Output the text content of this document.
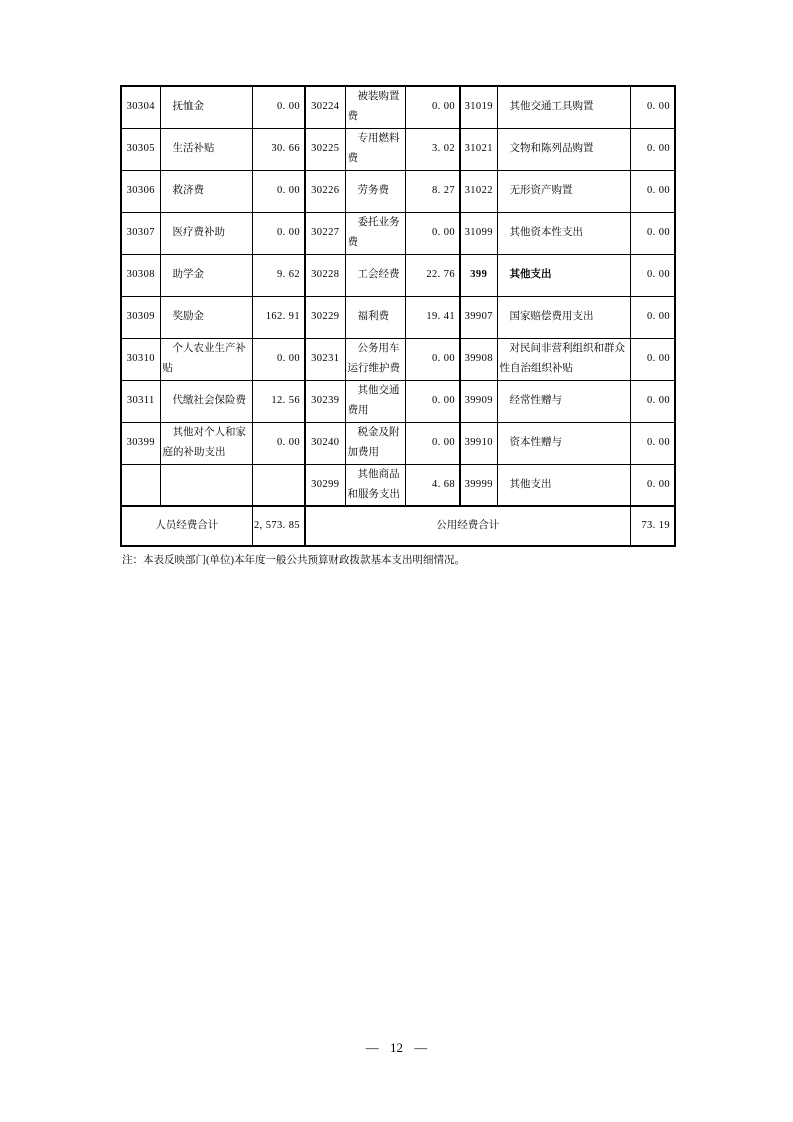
30304	抚恤金	0. 00	30224	被装购置费	0. 00	31019	其他交通工具购置	0. 00
30305	生活补贴	30. 66	30225	专用燃料费	3. 02	31021	文物和陈列品购置	0. 00
30306	救济费	0. 00	30226	劳务费	8. 27	31022	无形资产购置	0. 00
30307	医疗费补助	0. 00	30227	委托业务费	0. 00	31099	其他资本性支出	0. 00
30308	助学金	9. 62	30228	工会经费	22. 76	399	其他支出	0. 00
30309	奖励金	162. 91	30229	福利费	19. 41	39907	国家赔偿费用支出	0. 00
30310	个人农业生产补贴	0. 00	30231	公务用车运行维护费	0. 00	39908	对民间非营利组织和群众性自治组织补贴	0. 00
30311	代缴社会保险费	12. 56	30239	其他交通费用	0. 00	39909	经常性赠与	0. 00
30399	其他对个人和家庭的补助支出	0. 00	30240	税金及附加费用	0. 00	39910	资本性赠与	0. 00
			30299	其他商品和服务支出	4. 68	39999	其他支出	0. 00
人员经费合计		2, 573. 85	公用经费合计					73. 19
注：本表反映部门(单位)本年度一般公共预算财政拨款基本支出明细情况。
— 12 —
